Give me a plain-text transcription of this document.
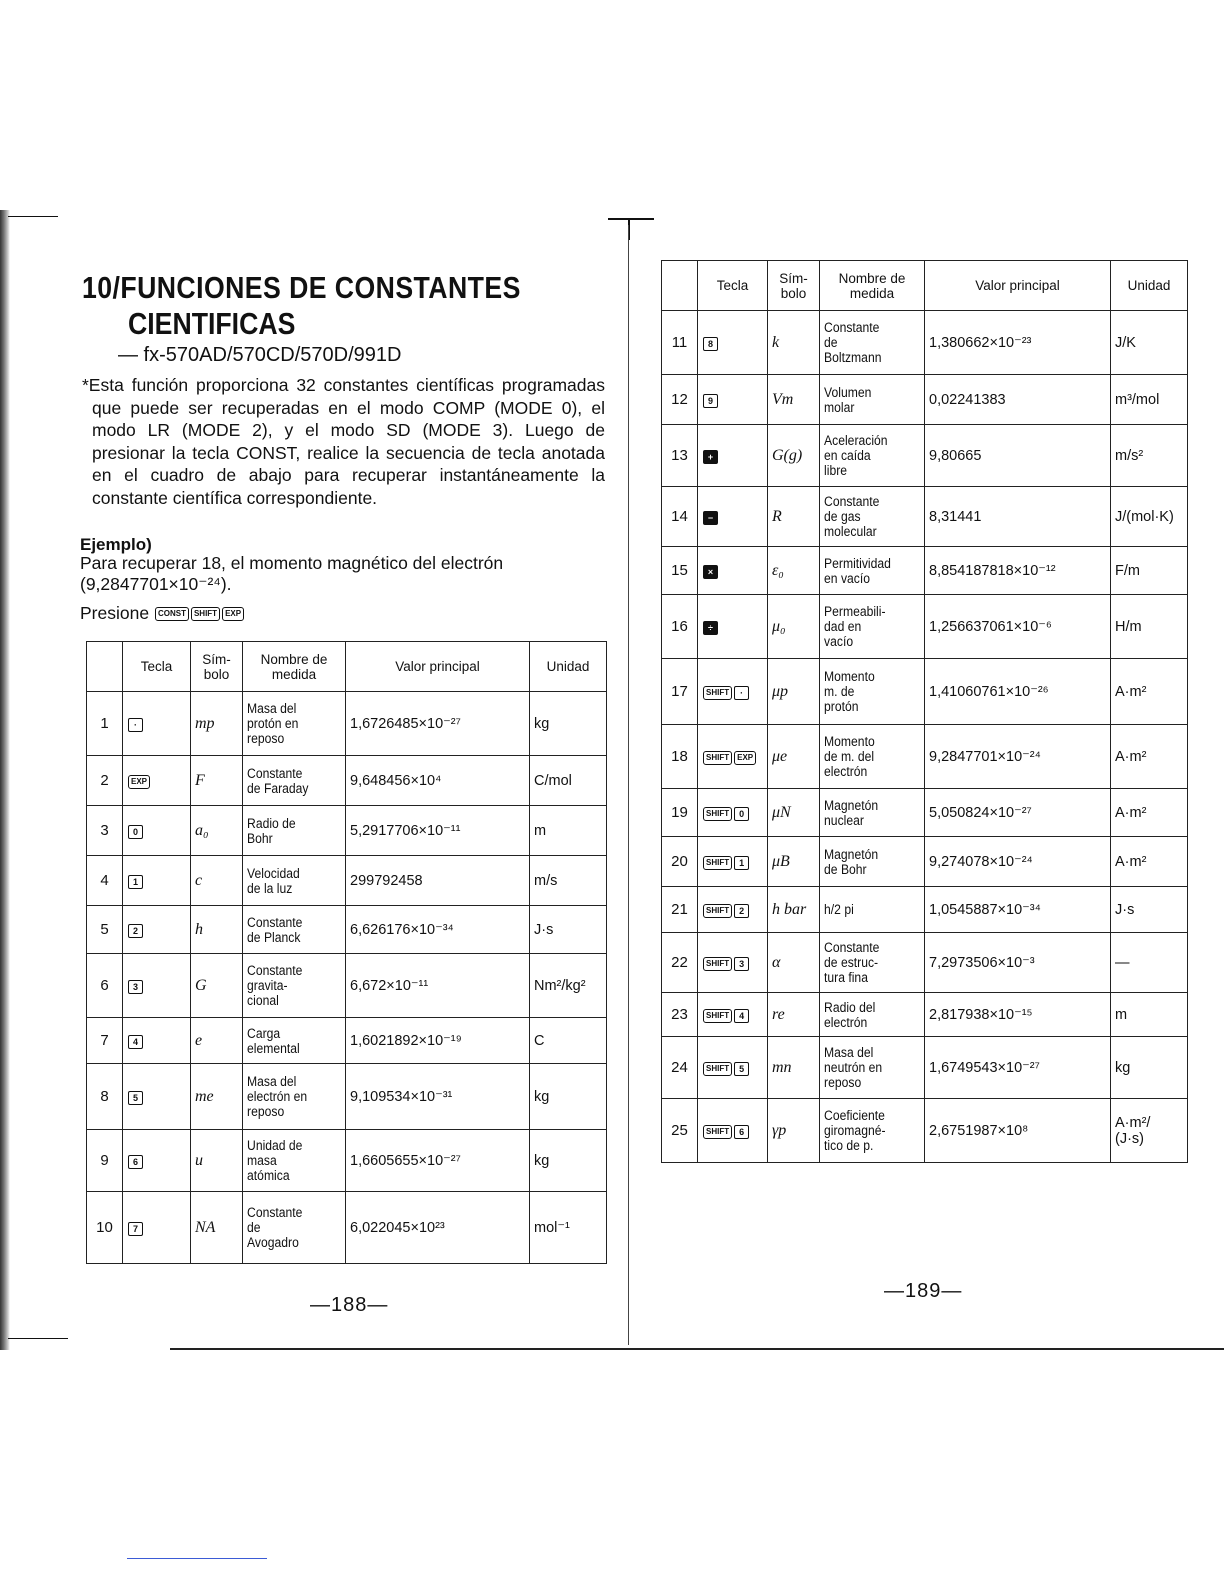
10/FUNCIONES DE CONSTANTES
CIENTIFICAS
— fx-570AD/570CD/570D/991D

*Esta función proporciona 32 constantes científicas programadas que puede ser recuperadas en el modo COMP (MODE 0), el modo LR (MODE 2), y el modo SD (MODE 3). Luego de presionar la tecla CONST, realice la secuencia de tecla anotada en el cuadro de abajo para recuperar instantáneamente la constante científica correspondiente.

Ejemplo)
Para recuperar 18, el momento magnético del electrón (9,2847701×10⁻²⁴).
Presione CONST SHIFT EXP
	Tecla	Sím-
bolo	Nombre de
medida	Valor principal	Unidad
1	·	mp	Masa del
protón en
reposo	1,6726485×10⁻²⁷	kg
2	EXP	F	Constante
de Faraday	9,648456×10⁴	C/mol
3	0	a₀	Radio de
Bohr	5,2917706×10⁻¹¹	m
4	1	c	Velocidad
de la luz	299792458	m/s
5	2	h	Constante
de Planck	6,626176×10⁻³⁴	J·s
6	3	G	Constante
gravita-
cional	6,672×10⁻¹¹	Nm²/kg²
7	4	e	Carga
elemental	1,6021892×10⁻¹⁹	C
8	5	me	Masa del
electrón en
reposo	9,109534×10⁻³¹	kg
9	6	u	Unidad de
masa
atómica	1,6605655×10⁻²⁷	kg
10	7	NA	Constante
de
Avogadro	6,022045×10²³	mol⁻¹
	Tecla	Sím-
bolo	Nombre de
medida	Valor principal	Unidad
11	8	k	Constante
de
Boltzmann	1,380662×10⁻²³	J/K
12	9	Vm	Volumen
molar	0,02241383	m³/mol
13	+	G(g)	Aceleración
en caída
libre	9,80665	m/s²
14	−	R	Constante
de gas
molecular	8,31441	J/(mol·K)
15	×	ε₀	Permitividad
en vacío	8,854187818×10⁻¹²	F/m
16	÷	μ₀	Permeabili-
dad en
vacío	1,256637061×10⁻⁶	H/m
17	SHIFT ·	μp	Momento
m. de
protón	1,41060761×10⁻²⁶	A·m²
18	SHIFT EXP	μe	Momento
de m. del
electrón	9,2847701×10⁻²⁴	A·m²
19	SHIFT 0	μN	Magnetón
nuclear	5,050824×10⁻²⁷	A·m²
20	SHIFT 1	μB	Magnetón
de Bohr	9,274078×10⁻²⁴	A·m²
21	SHIFT 2	h bar	h/2 pi	1,0545887×10⁻³⁴	J·s
22	SHIFT 3	α	Constante
de estruc-
tura fina	7,2973506×10⁻³	—
23	SHIFT 4	re	Radio del
electrón	2,817938×10⁻¹⁵	m
24	SHIFT 5	mn	Masa del
neutrón en
reposo	1,6749543×10⁻²⁷	kg
25	SHIFT 6	γp	Coeficiente
giromagné-
tico de p.	2,6751987×10⁸	A·m²/
(J·s)
—188—
—189—
